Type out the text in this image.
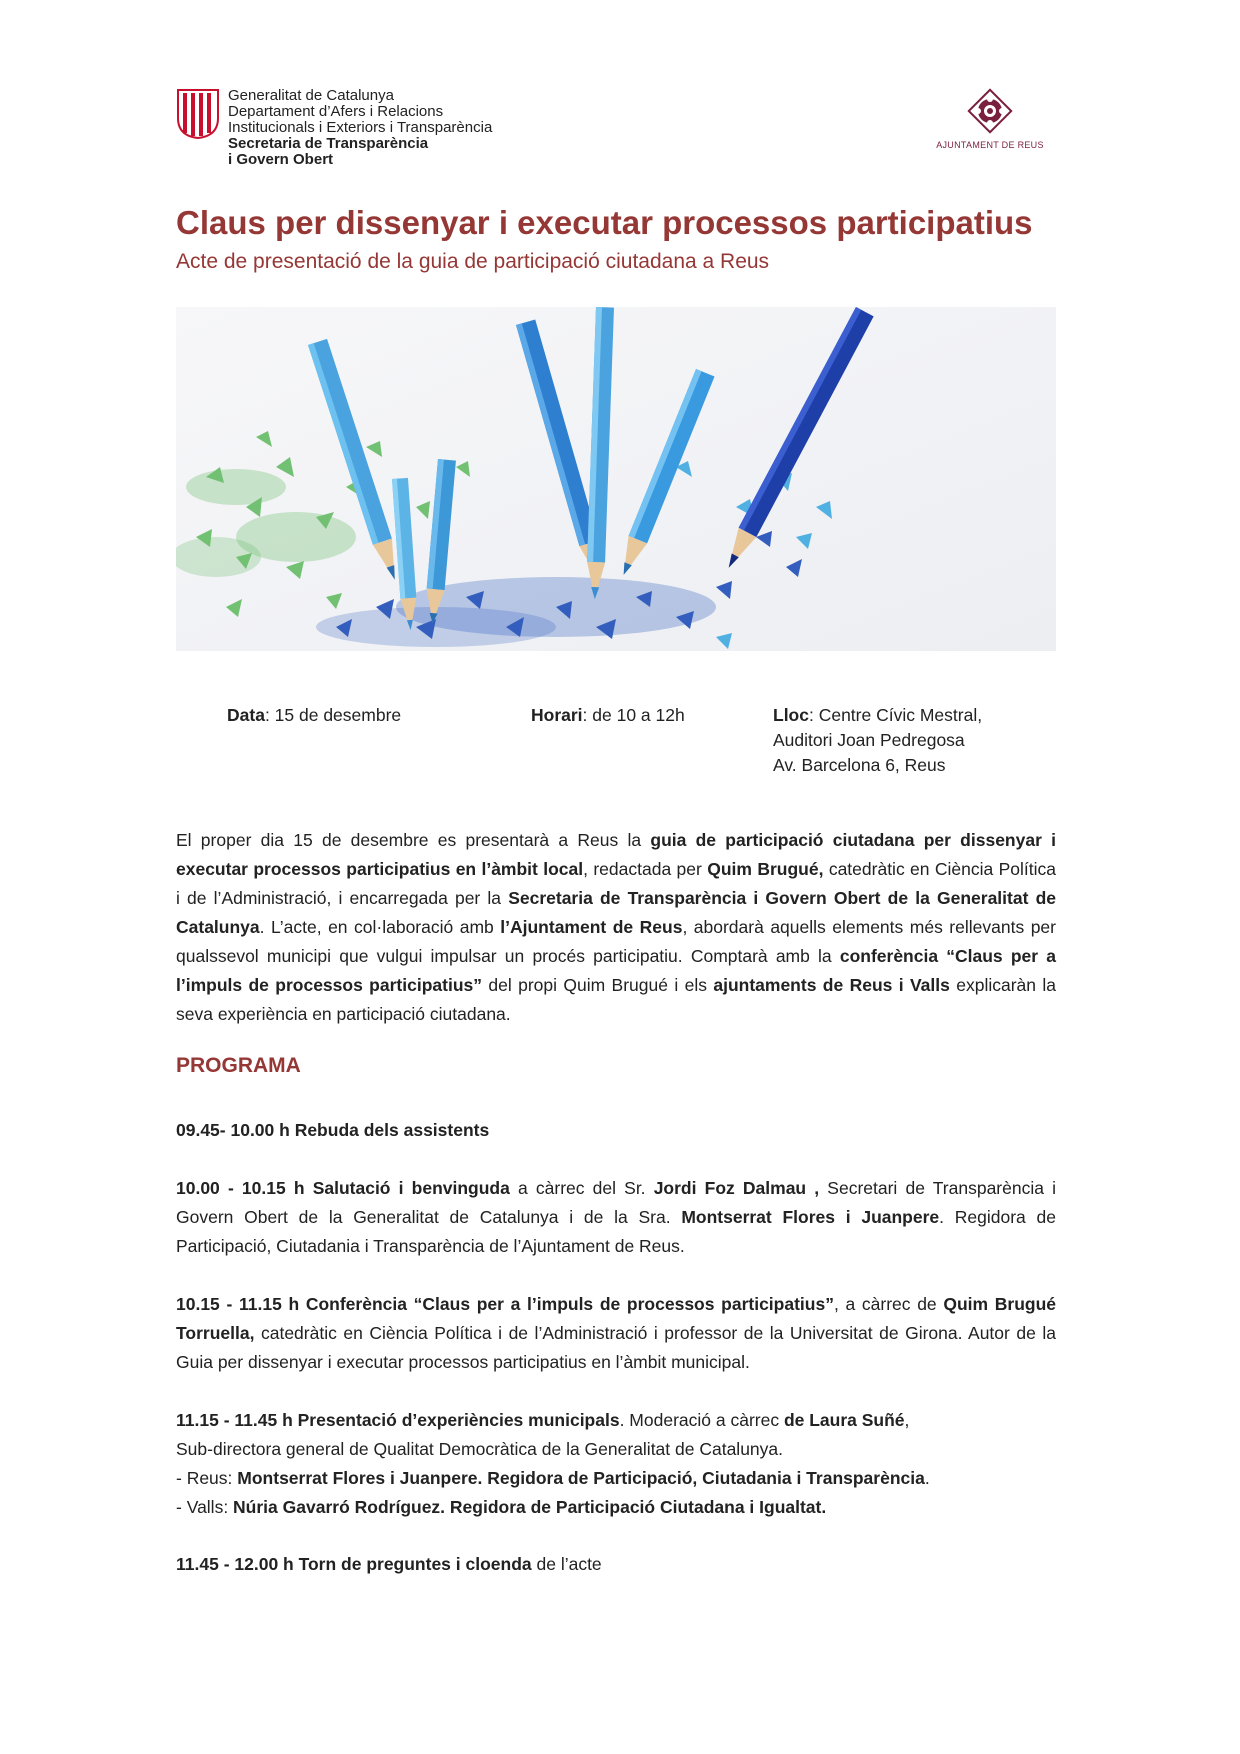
Generalitat de Catalunya
Departament d’Afers i Relacions
Institucionals i Exteriors i Transparència
Secretaria de Transparència
i Govern Obert
AJUNTAMENT DE REUS
Claus per dissenyar i executar processos participatius
Acte de presentació de la guia de participació ciutadana a Reus
Data: 15 de desembre	Horari: de 10 a 12h	Lloc: Centre Cívic Mestral,
Auditori Joan Pedregosa
Av. Barcelona 6, Reus

El proper dia 15 de desembre es presentarà a Reus la guia de participació ciutadana per dissenyar i executar processos participatius en l’àmbit local, redactada per Quim Brugué, catedràtic en Ciència Política i de l’Administració, i encarregada per la Secretaria de Transparència i Govern Obert de la Generalitat de Catalunya. L’acte, en col·laboració amb l’Ajuntament de Reus, abordarà aquells elements més rellevants per qualssevol municipi que vulgui impulsar un procés participatiu. Comptarà amb la conferència “Claus per a l’impuls de processos participatius” del propi Quim Brugué i els ajuntaments de Reus i Valls explicaràn la seva experiència en participació ciutadana.

PROGRAMA

09.45- 10.00 h Rebuda dels assistents

10.00 - 10.15 h Salutació i benvinguda a càrrec del Sr. Jordi Foz Dalmau , Secretari de Transparència i Govern Obert de la Generalitat de Catalunya i de la Sra. Montserrat Flores i Juanpere. Regidora de Participació, Ciutadania i Transparència de l’Ajuntament de Reus.

10.15 - 11.15 h Conferència “Claus per a l’impuls de processos participatius”, a càrrec de Quim Brugué Torruella, catedràtic en Ciència Política i de l’Administració i professor de la Universitat de Girona. Autor de la Guia per dissenyar i executar processos participatius en l’àmbit municipal.

11.15 - 11.45 h Presentació d’experiències municipals. Moderació a càrrec de Laura Suñé,
Sub-directora general de Qualitat Democràtica de la Generalitat de Catalunya.
- Reus: Montserrat Flores i Juanpere. Regidora de Participació, Ciutadania i Transparència.
- Valls: Núria Gavarró Rodríguez. Regidora de Participació Ciutadana i Igualtat.

11.45 - 12.00 h Torn de preguntes i cloenda de l’acte
